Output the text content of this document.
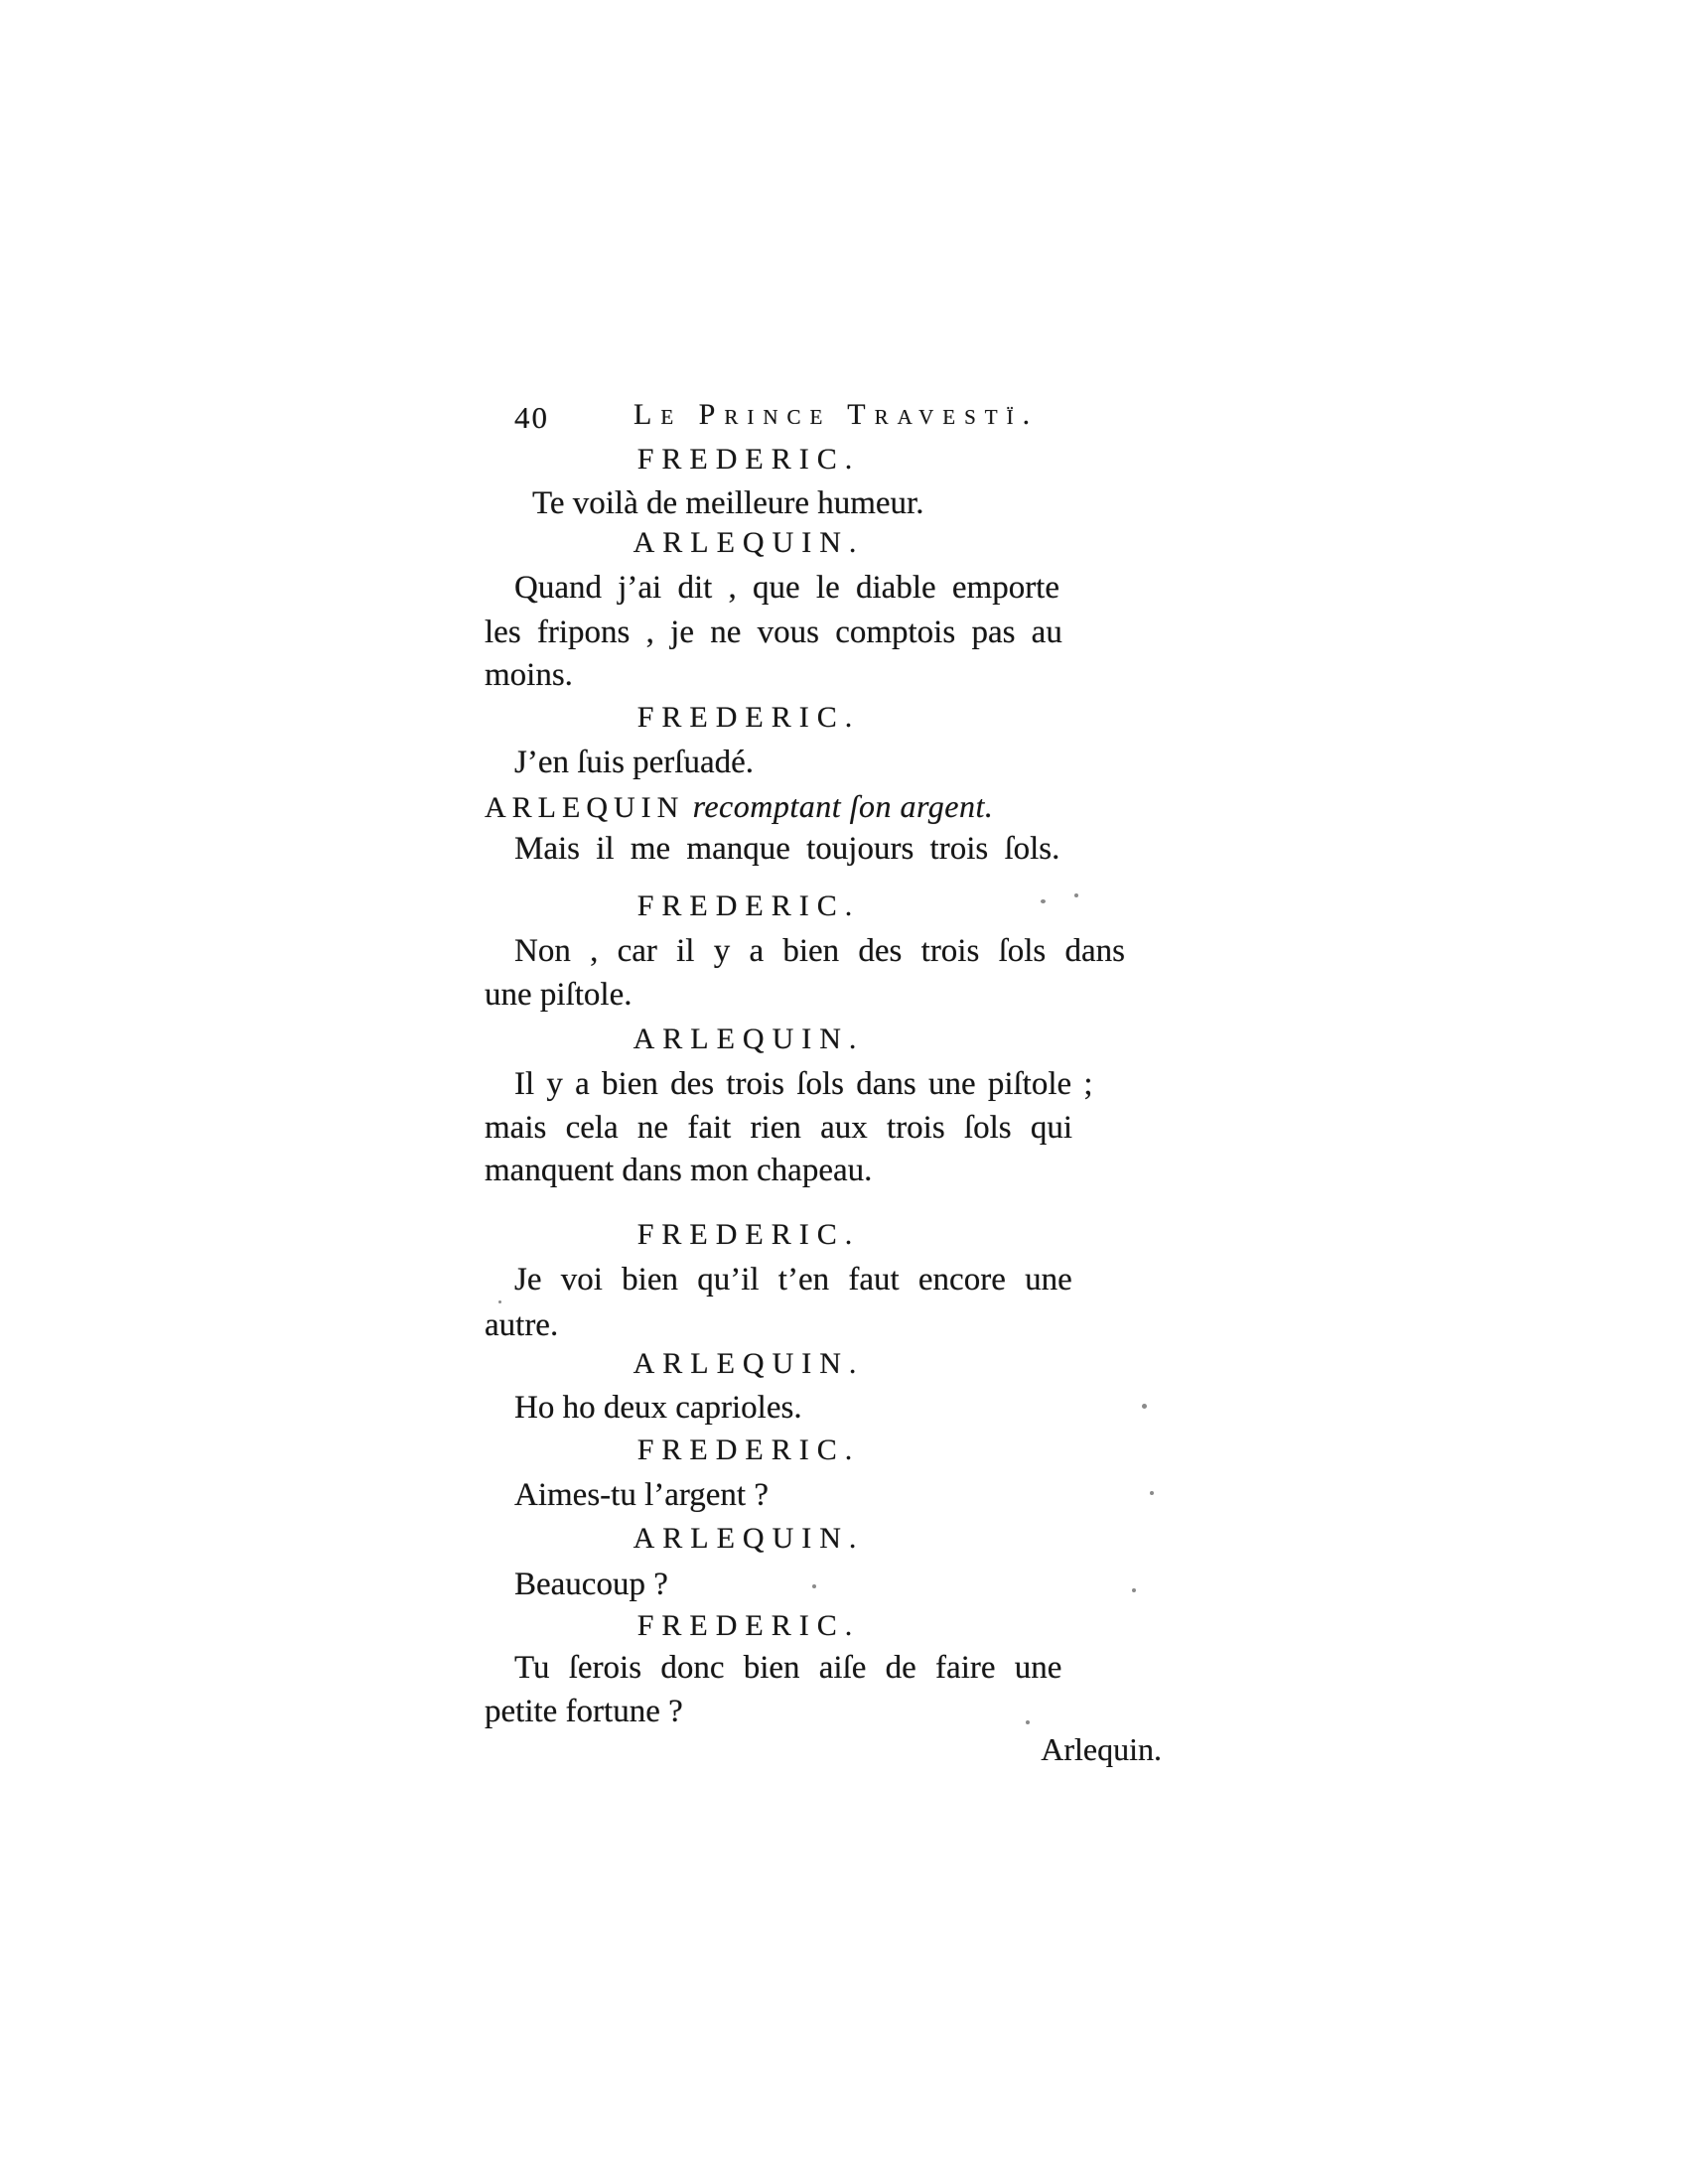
40	Le Prince Travestï.
FREDERIC.
Te voilà de meilleure humeur.
ARLEQUIN.
Quand j’ai dit , que le diable emporte
les fripons , je ne vous comptois pas au
moins.
FREDERIC.
J’en ſuis perſuadé.
ARLEQUIN recomptant ſon argent.
Mais il me manque toujours trois ſols.
FREDERIC.
Non , car il y a bien des trois ſols dans
une piſtole.
ARLEQUIN.
Il y a bien des trois ſols dans une piſtole ;
mais cela ne fait rien aux trois ſols qui
manquent dans mon chapeau.
FREDERIC.
Je voi bien qu’il t’en faut encore une
autre.
ARLEQUIN.
Ho ho deux caprioles.
FREDERIC.
Aimes-tu l’argent ?
ARLEQUIN.
Beaucoup ?
FREDERIC.
Tu ſerois donc bien aiſe de faire une
petite fortune ?
Arlequin.
